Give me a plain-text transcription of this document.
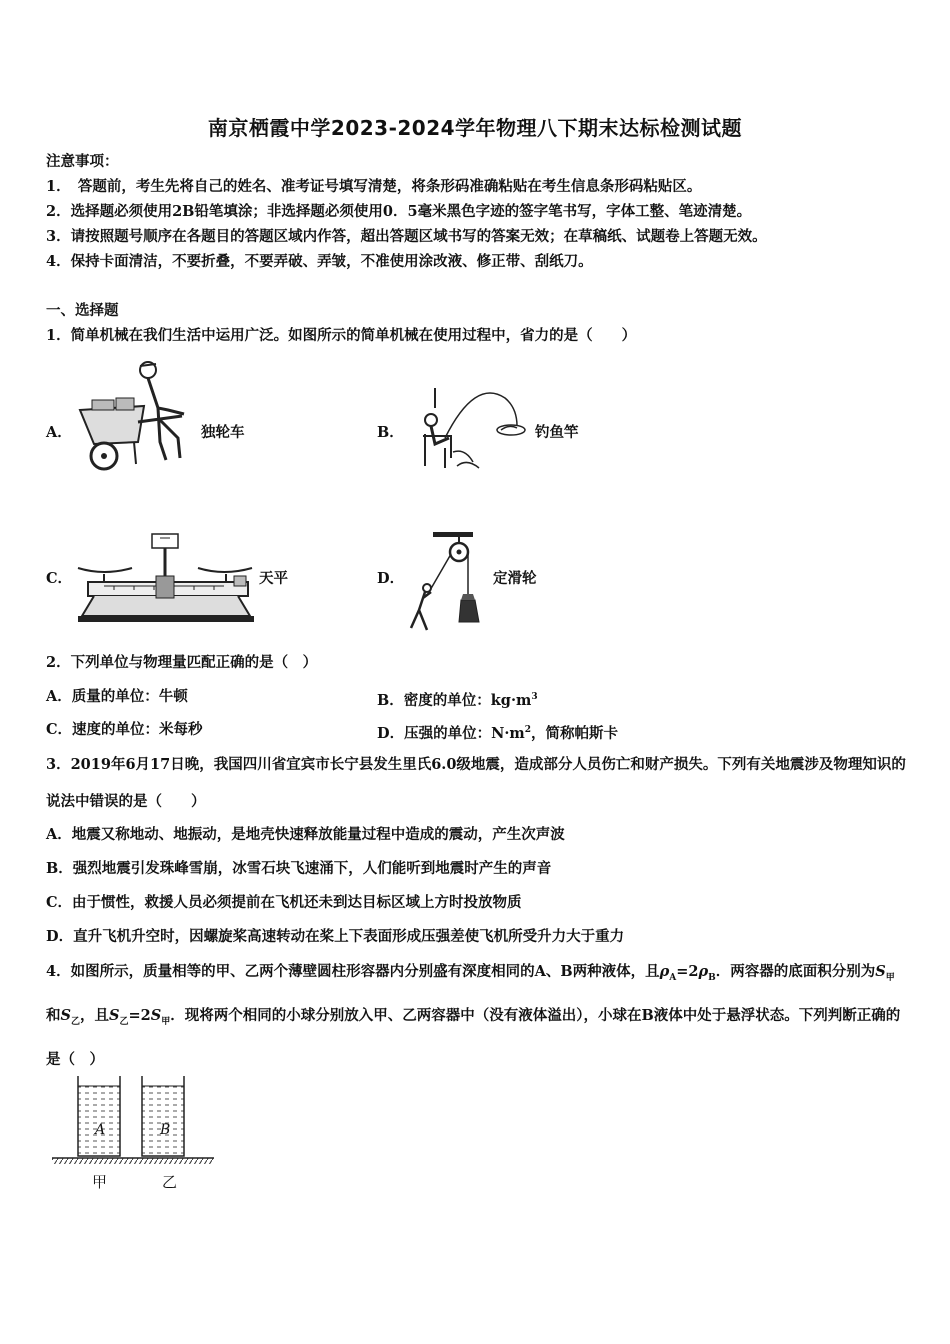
南京栖霞中学2023-2024学年物理八下期末达标检测试题
注意事项：
1．　答题前，考生先将自己的姓名、准考证号填写清楚，将条形码准确粘贴在考生信息条形码粘贴区。
2．选择题必须使用2B铅笔填涂；非选择题必须使用0．5毫米黑色字迹的签字笔书写，字体工整、笔迹清楚。
3．请按照题号顺序在各题目的答题区域内作答，超出答题区域书写的答案无效；在草稿纸、试题卷上答题无效。
4．保持卡面清洁，不要折叠，不要弄破、弄皱，不准使用涂改液、修正带、刮纸刀。
一、选择题
1．简单机械在我们生活中运用广泛。如图所示的简单机械在使用过程中，省力的是（　　）
A．	独轮车	B．	钓鱼竿
C．	天平	D．	定滑轮
2．下列单位与物理量匹配正确的是（　）
A．质量的单位：牛顿	B．密度的单位：$kg\cdot m^3$
C．速度的单位：米每秒	D．压强的单位：$N\cdot m^2$，简称帕斯卡
3．2019年6月17日晚，我国四川省宜宾市长宁县发生里氏6.0级地震，造成部分人员伤亡和财产损失。下列有关地震涉及物理知识的说法中错误的是（　　）
A．地震又称地动、地振动，是地壳快速释放能量过程中造成的震动，产生次声波
B．强烈地震引发珠峰雪崩，冰雪石块飞速涌下，人们能听到地震时产生的声音
C．由于惯性，救援人员必须提前在飞机还未到达目标区域上方时投放物质
D．直升飞机升空时，因螺旋桨高速转动在桨上下表面形成压强差使飞机所受升力大于重力
4．如图所示，质量相等的甲、乙两个薄壁圆柱形容器内分别盛有深度相同的A、B两种液体，且$\rho_A=2\rho_B$．两容器的底面积分别为$S_甲$和$S_乙$，且$S_乙=2S_甲$．现将两个相同的小球分别放入甲、乙两容器中（没有液体溢出），小球在B液体中处于悬浮状态。下列判断正确的是（　）
A	B
甲	乙
